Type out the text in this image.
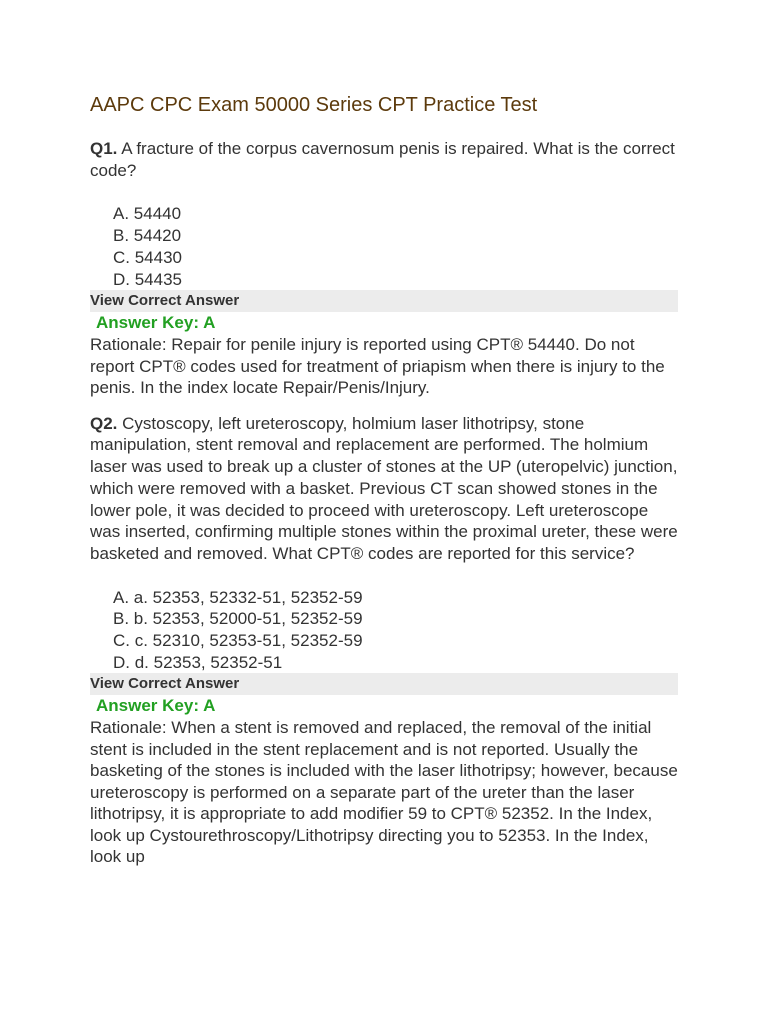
AAPC CPC Exam 50000 Series CPT Practice Test

Q1. A fracture of the corpus cavernosum penis is repaired. What is the correct code?

A. 54440
B. 54420
C. 54430
D. 54435
View Correct Answer
Answer Key: A

Rationale: Repair for penile injury is reported using CPT® 54440. Do not report CPT® codes used for treatment of priapism when there is injury to the penis. In the index locate Repair/Penis/Injury.

Q2. Cystoscopy, left ureteroscopy, holmium laser lithotripsy, stone manipulation, stent removal and replacement are performed. The holmium laser was used to break up a cluster of stones at the UP (uteropelvic) junction, which were removed with a basket. Previous CT scan showed stones in the lower pole, it was decided to proceed with ureteroscopy. Left ureteroscope was inserted, confirming multiple stones within the proximal ureter, these were basketed and removed. What CPT® codes are reported for this service?

A. a. 52353, 52332-51, 52352-59
B. b. 52353, 52000-51, 52352-59
C. c. 52310, 52353-51, 52352-59
D. d. 52353, 52352-51
View Correct Answer
Answer Key: A

Rationale: When a stent is removed and replaced, the removal of the initial stent is included in the stent replacement and is not reported. Usually the basketing of the stones is included with the laser lithotripsy; however, because ureteroscopy is performed on a separate part of the ureter than the laser lithotripsy, it is appropriate to add modifier 59 to CPT® 52352. In the Index, look up Cystourethroscopy/Lithotripsy directing you to 52353. In the Index, look up
